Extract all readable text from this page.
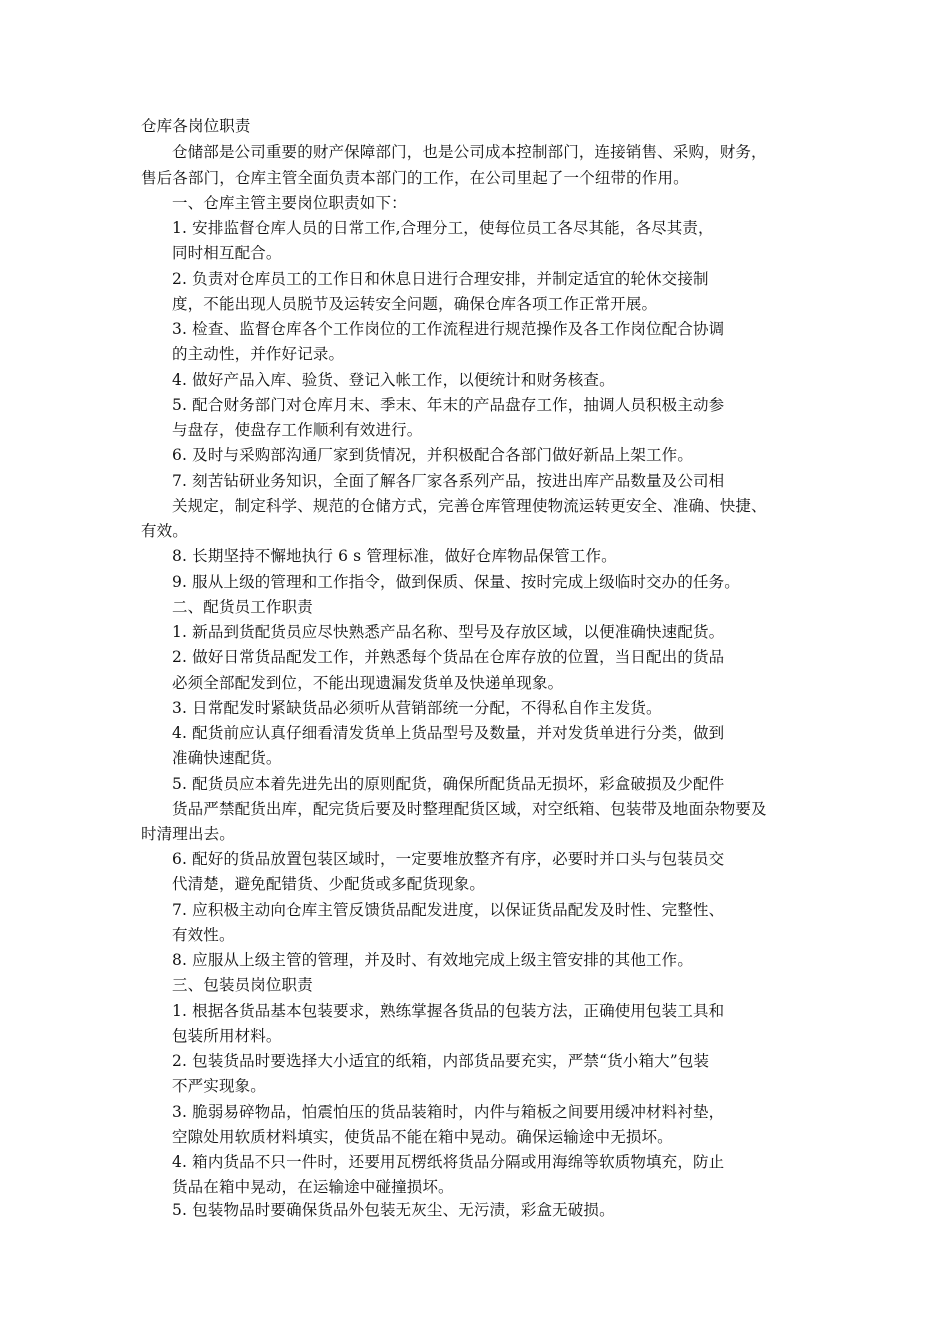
仓库各岗位职责
仓储部是公司重要的财产保障部门，也是公司成本控制部门，连接销售、采购，财务，
售后各部门，仓库主管全面负责本部门的工作，在公司里起了一个纽带的作用。
一、仓库主管主要岗位职责如下：
1. 安排监督仓库人员的日常工作,合理分工，使每位员工各尽其能，各尽其责，
同时相互配合。
2. 负责对仓库员工的工作日和休息日进行合理安排，并制定适宜的轮休交接制
度，不能出现人员脱节及运转安全问题，确保仓库各项工作正常开展。
3. 检查、监督仓库各个工作岗位的工作流程进行规范操作及各工作岗位配合协调
的主动性，并作好记录。
4. 做好产品入库、验货、登记入帐工作，以便统计和财务核查。
5. 配合财务部门对仓库月末、季末、年末的产品盘存工作，抽调人员积极主动参
与盘存，使盘存工作顺利有效进行。
6. 及时与采购部沟通厂家到货情况，并积极配合各部门做好新品上架工作。
7. 刻苦钻研业务知识，全面了解各厂家各系列产品，按进出库产品数量及公司相
关规定，制定科学、规范的仓储方式，完善仓库管理使物流运转更安全、准确、快捷、
有效。
8. 长期坚持不懈地执行 6 s 管理标准，做好仓库物品保管工作。
9. 服从上级的管理和工作指令，做到保质、保量、按时完成上级临时交办的任务。
二、配货员工作职责
1. 新品到货配货员应尽快熟悉产品名称、型号及存放区域，以便准确快速配货。
2. 做好日常货品配发工作，并熟悉每个货品在仓库存放的位置，当日配出的货品
必须全部配发到位，不能出现遗漏发货单及快递单现象。
3. 日常配发时紧缺货品必须听从营销部统一分配，不得私自作主发货。
4. 配货前应认真仔细看清发货单上货品型号及数量，并对发货单进行分类，做到
准确快速配货。
5. 配货员应本着先进先出的原则配货，确保所配货品无损坏，彩盒破损及少配件
货品严禁配货出库，配完货后要及时整理配货区域，对空纸箱、包装带及地面杂物要及
时清理出去。
6. 配好的货品放置包装区域时，一定要堆放整齐有序，必要时并口头与包装员交
代清楚，避免配错货、少配货或多配货现象。
7. 应积极主动向仓库主管反馈货品配发进度，以保证货品配发及时性、完整性、
有效性。
8. 应服从上级主管的管理，并及时、有效地完成上级主管安排的其他工作。
三、包装员岗位职责
1. 根据各货品基本包装要求，熟练掌握各货品的包装方法，正确使用包装工具和
包装所用材料。
2. 包装货品时要选择大小适宜的纸箱，内部货品要充实，严禁“货小箱大”包装
不严实现象。
3. 脆弱易碎物品，怕震怕压的货品装箱时，内件与箱板之间要用缓冲材料衬垫，
空隙处用软质材料填实，使货品不能在箱中晃动。确保运输途中无损坏。
4. 箱内货品不只一件时，还要用瓦楞纸将货品分隔或用海绵等软质物填充，防止
货品在箱中晃动，在运输途中碰撞损坏。
5. 包装物品时要确保货品外包装无灰尘、无污渍，彩盒无破损。
